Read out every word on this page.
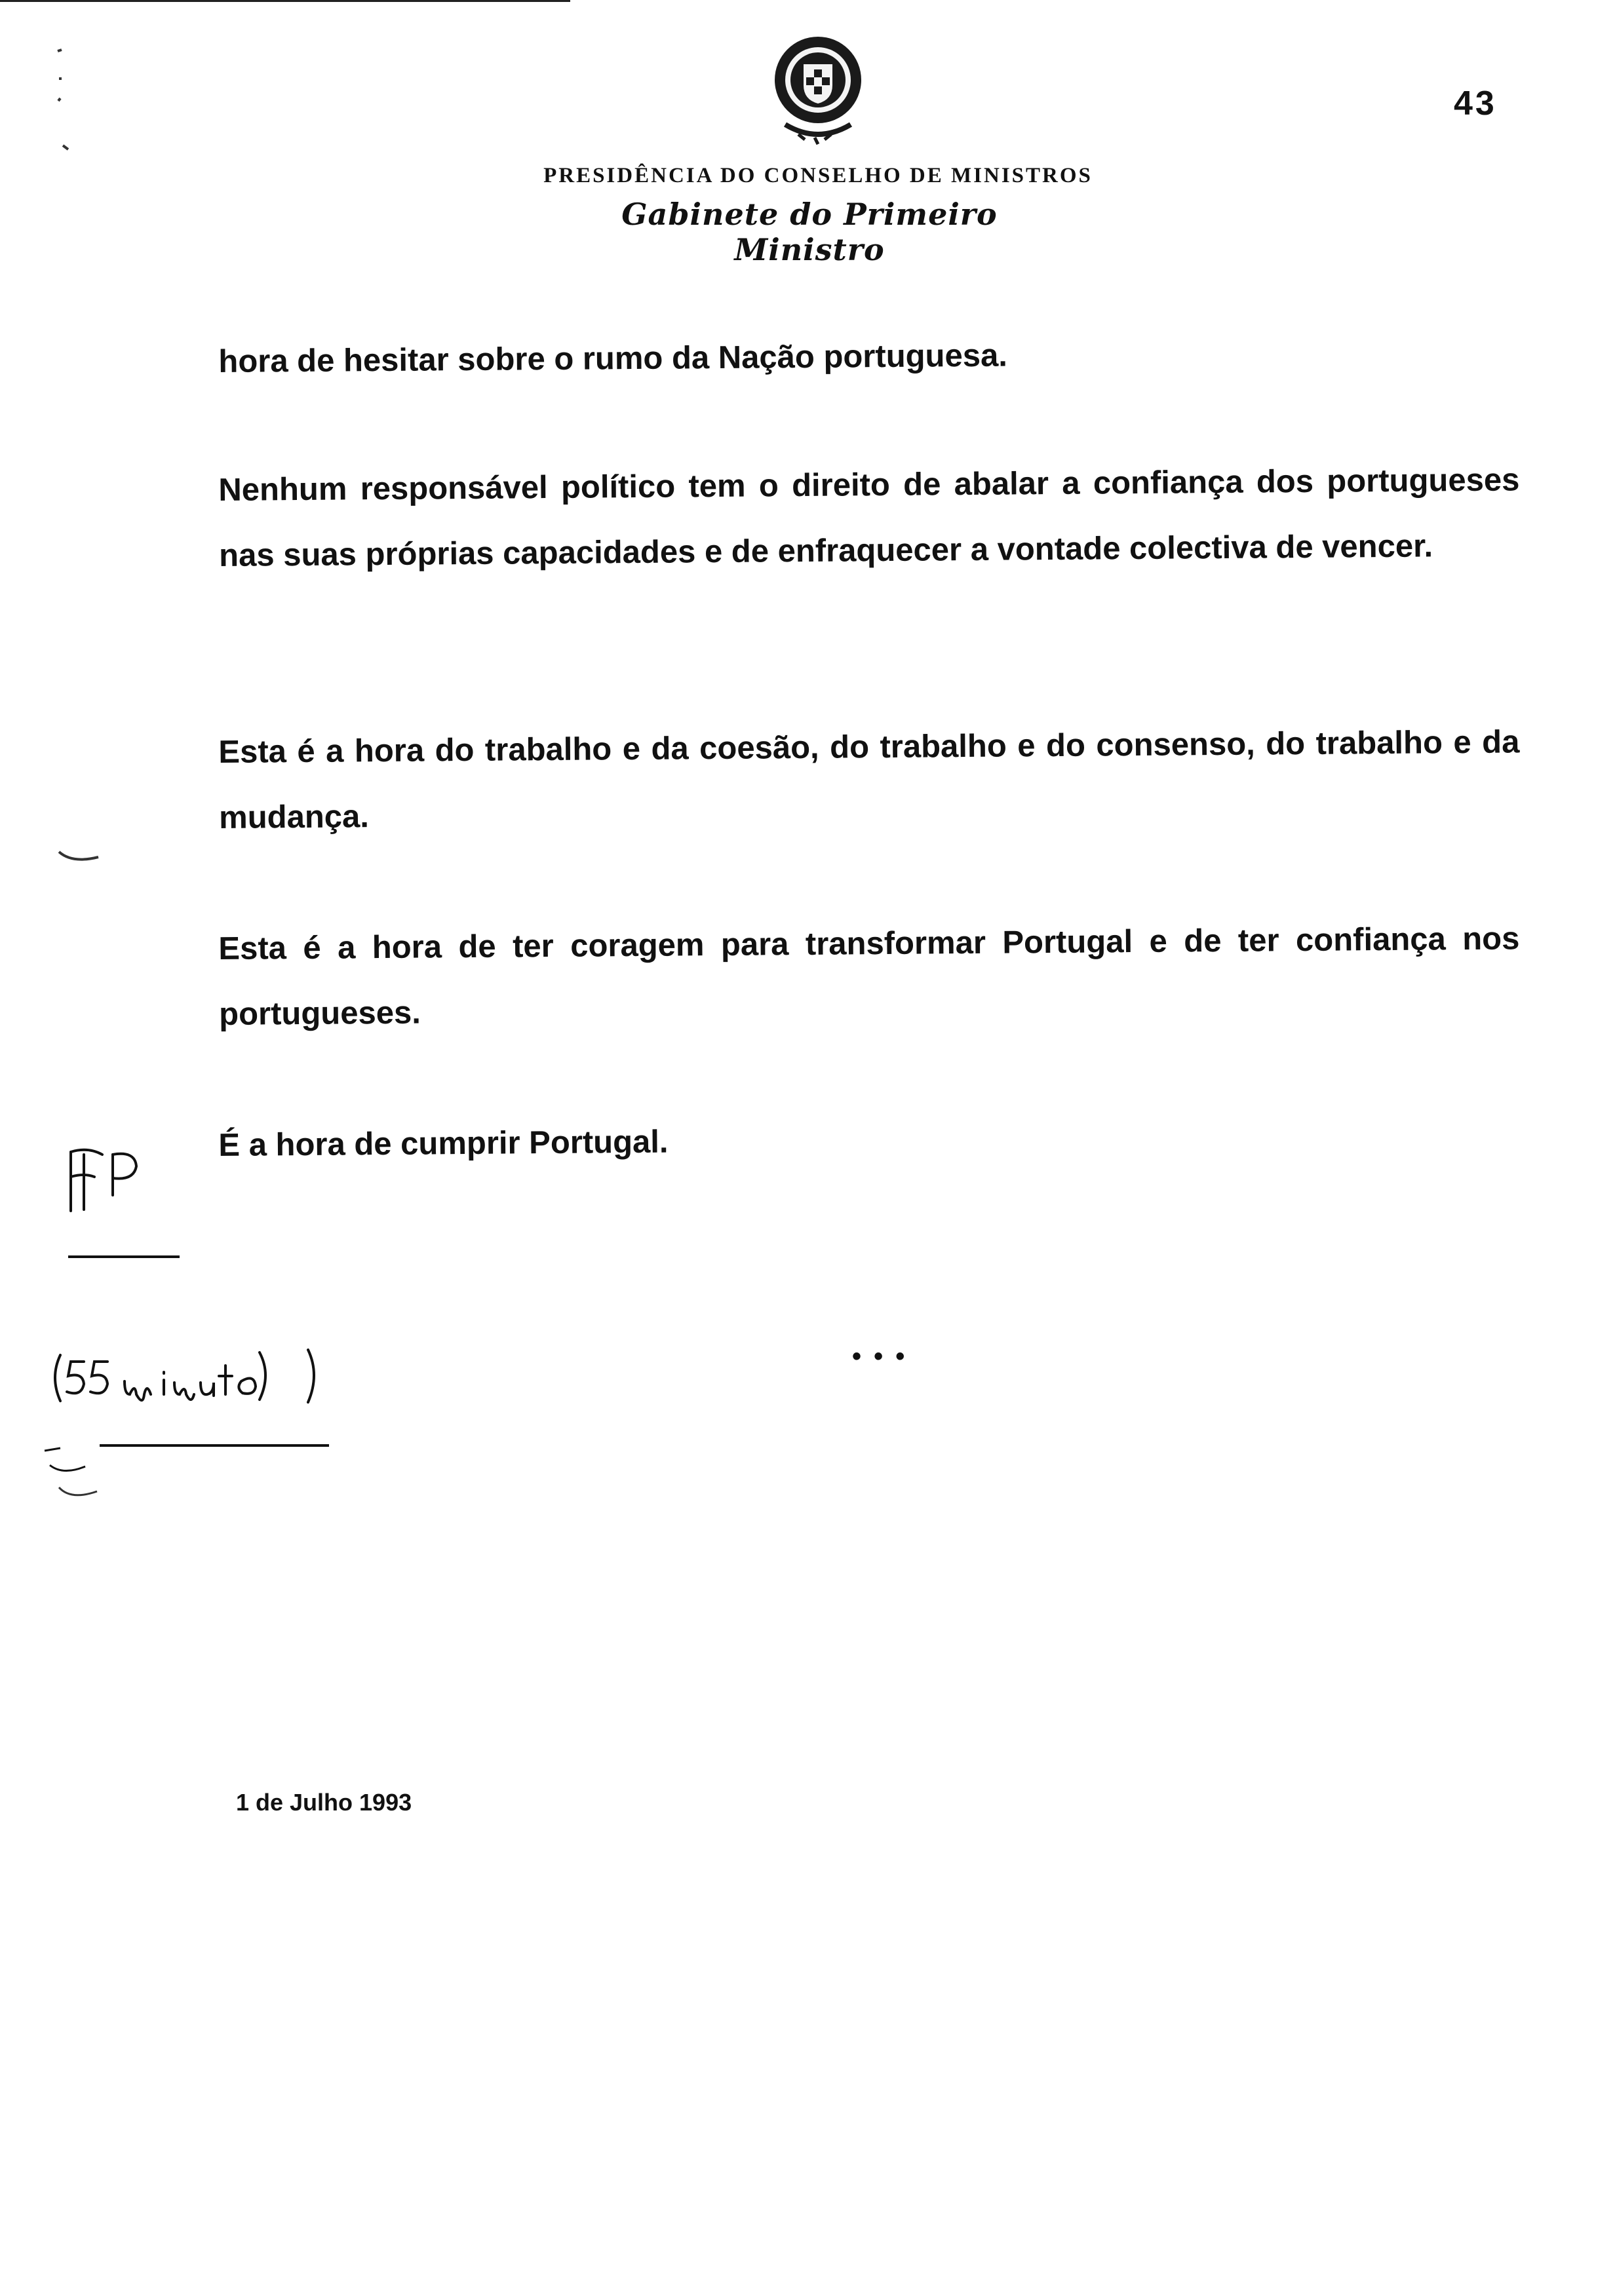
43
PRESIDÊNCIA DO CONSELHO DE MINISTROS
Gabinete do Primeiro Ministro
hora de hesitar sobre o rumo da Nação portuguesa.
Nenhum responsável político tem o direito de abalar a confiança dos portugueses nas suas próprias capacidades e de enfraquecer a vontade colectiva de vencer.
Esta é a hora do trabalho e da coesão, do trabalho e do consenso, do trabalho e da mudança.
Esta é a hora de ter coragem para transformar Portugal e de ter confiança nos portugueses.
É a hora de cumprir Portugal.
• • •
1 de Julho 1993
